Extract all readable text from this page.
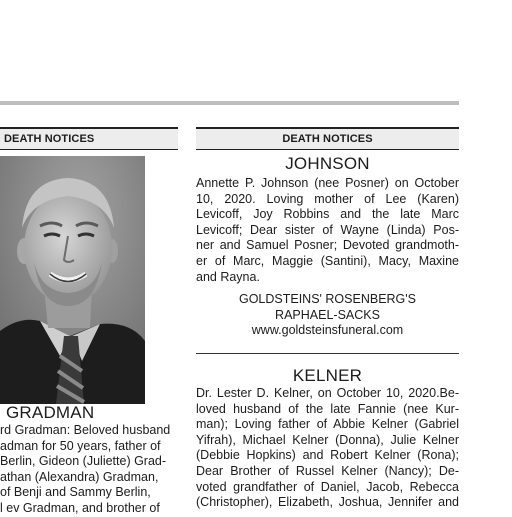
DEATH NOTICES	DEATH NOTICES
GRADMAN
rd Gradman: Beloved husband
adman for 50 years, father of
Berlin, Gideon (Juliette) Grad-
athan (Alexandra) Gradman,
of Benji and Sammy Berlin,
l ev Gradman, and brother of
JOHNSON
Annette P. Johnson (nee Posner) on October
10, 2020. Loving mother of Lee (Karen)
Levicoff, Joy Robbins and the late Marc
Levicoff; Dear sister of Wayne (Linda) Pos-
ner and Samuel Posner; Devoted grandmoth-
er of Marc, Maggie (Santini), Macy, Maxine
and Rayna.
GOLDSTEINS' ROSENBERG'S
RAPHAEL-SACKS
www.goldsteinsfuneral.com
KELNER
Dr. Lester D. Kelner, on October 10, 2020.Be-
loved husband of the late Fannie (nee Kur-
man); Loving father of Abbie Kelner (Gabriel
Yifrah), Michael Kelner (Donna), Julie Kelner
(Debbie Hopkins) and Robert Kelner (Rona);
Dear Brother of Russel Kelner (Nancy); De-
voted grandfather of Daniel, Jacob, Rebecca
(Christopher), Elizabeth, Joshua, Jennifer and
